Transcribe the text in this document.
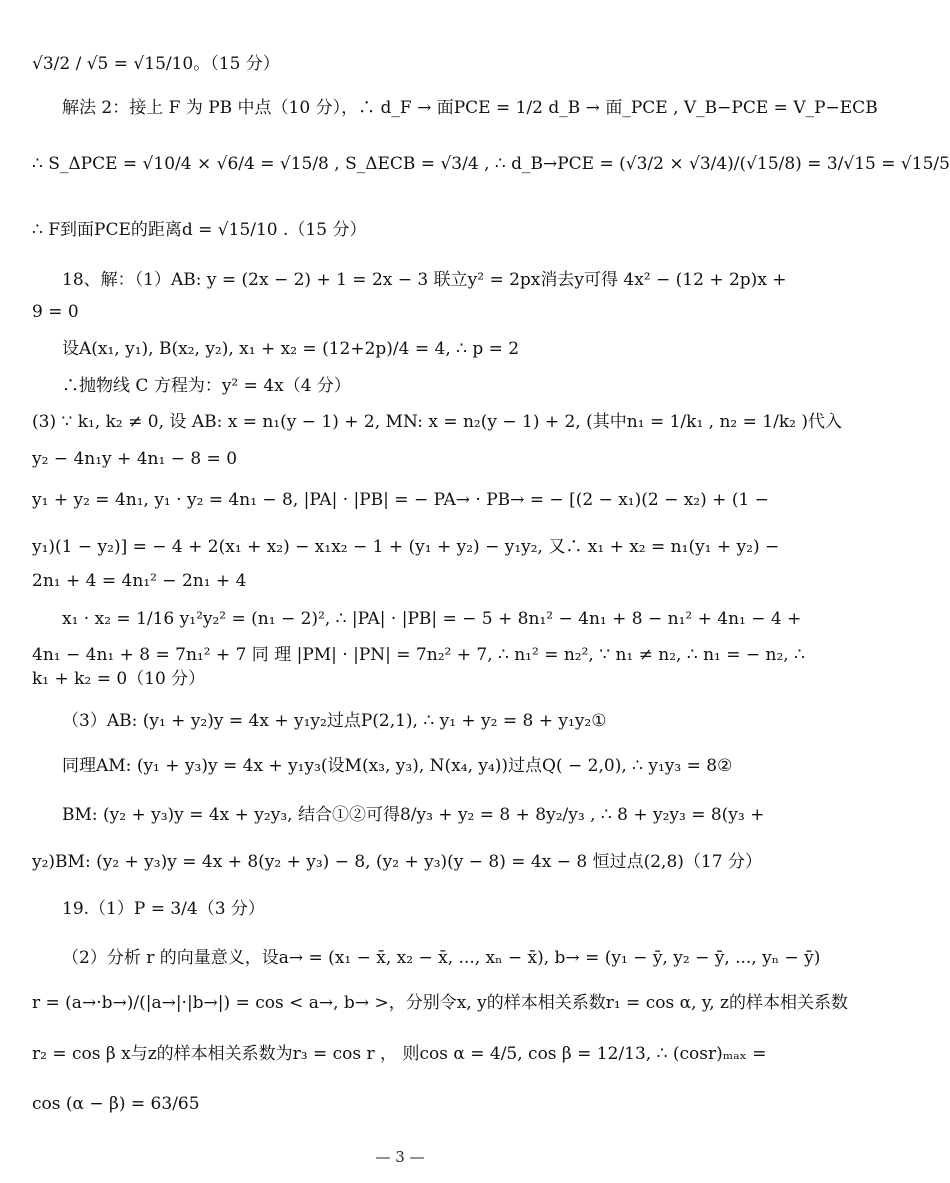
√3/2 / √5 = √15/10。（15 分）
解法 2：接上 F 为 PB 中点（10 分），∴ d_F → 面PCE = 1/2 d_B → 面_PCE , V_B−PCE = V_P−ECB
∴ S_ΔPCE = √10/4 × √6/4 = √15/8 , S_ΔECB = √3/4 , ∴ d_B→PCE = (√3/2 × √3/4)/(√15/8) = 3/√15 = √15/5
∴ F到面PCE的距离d = √15/10 .（15 分）
18、解：（1）AB: y = (2x − 2) + 1 = 2x − 3 联立y² = 2px消去y可得 4x² − (12 + 2p)x +
9 = 0
设A(x₁, y₁), B(x₂, y₂), x₁ + x₂ = (12+2p)/4 = 4, ∴ p = 2
∴抛物线 C 方程为：y² = 4x（4 分）
(3) ∵ k₁, k₂ ≠ 0, 设 AB: x = n₁(y − 1) + 2, MN: x = n₂(y − 1) + 2, (其中n₁ = 1/k₁ , n₂ = 1/k₂ )代入
y₂ − 4n₁y + 4n₁ − 8 = 0
y₁ + y₂ = 4n₁, y₁ · y₂ = 4n₁ − 8, |PA| · |PB| = − PA→ · PB→ = − [(2 − x₁)(2 − x₂) + (1 −
y₁)(1 − y₂)] = − 4 + 2(x₁ + x₂) − x₁x₂ − 1 + (y₁ + y₂) − y₁y₂, 又∴ x₁ + x₂ = n₁(y₁ + y₂) −
2n₁ + 4 = 4n₁² − 2n₁ + 4
x₁ · x₂ = 1/16 y₁²y₂² = (n₁ − 2)², ∴ |PA| · |PB| = − 5 + 8n₁² − 4n₁ + 8 − n₁² + 4n₁ − 4 +
4n₁ − 4n₁ + 8 = 7n₁² + 7 同 理 |PM| · |PN| = 7n₂² + 7, ∴ n₁² = n₂², ∵ n₁ ≠ n₂, ∴ n₁ = − n₂, ∴
k₁ + k₂ = 0（10 分）
（3）AB: (y₁ + y₂)y = 4x + y₁y₂过点P(2,1), ∴ y₁ + y₂ = 8 + y₁y₂①
同理AM: (y₁ + y₃)y = 4x + y₁y₃(设M(x₃, y₃), N(x₄, y₄))过点Q( − 2,0), ∴ y₁y₃ = 8②
BM: (y₂ + y₃)y = 4x + y₂y₃, 结合①②可得8/y₃ + y₂ = 8 + 8y₂/y₃ , ∴ 8 + y₂y₃ = 8(y₃ +
y₂)BM: (y₂ + y₃)y = 4x + 8(y₂ + y₃) − 8, (y₂ + y₃)(y − 8) = 4x − 8 恒过点(2,8)（17 分）
19.（1）P = 3/4（3 分）
（2）分析 r 的向量意义，设a→ = (x₁ − x̄, x₂ − x̄, ..., xₙ − x̄), b→ = (y₁ − ȳ, y₂ − ȳ, ..., yₙ − ȳ)
r = (a→·b→)/(|a→|·|b→|) = cos < a→, b→ >，分别令x, y的样本相关系数r₁ = cos α, y, z的样本相关系数
r₂ = cos β x与z的样本相关系数为r₃ = cos r ， 则cos α = 4/5, cos β = 12/13, ∴ (cosr)ₘₐₓ =
cos (α − β) = 63/65
— 3 —
